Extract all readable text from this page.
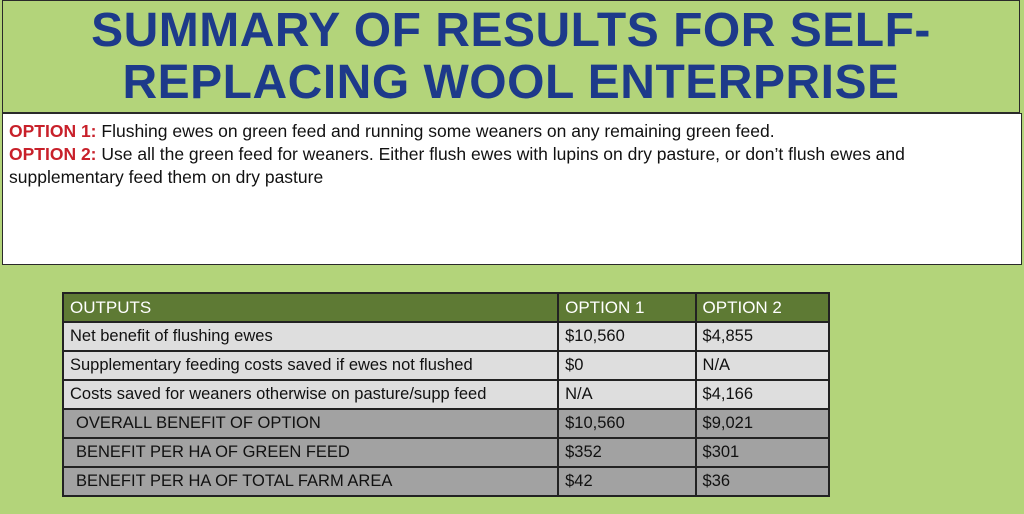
SUMMARY OF RESULTS FOR SELF-
REPLACING WOOL ENTERPRISE
OPTION 1: Flushing ewes on green feed and running some weaners on any remaining green feed.
OPTION 2: Use all the green feed for weaners. Either flush ewes with lupins on dry pasture, or don’t flush ewes and supplementary feed them on dry pasture
OUTPUTS	OPTION 1	OPTION 2
Net benefit of flushing ewes	$10,560	$4,855
Supplementary feeding costs saved if ewes not flushed	$0	N/A
Costs saved for weaners otherwise on pasture/supp feed	N/A	$4,166
OVERALL BENEFIT OF OPTION	$10,560	$9,021
BENEFIT PER HA OF GREEN FEED	$352	$301
BENEFIT PER HA OF TOTAL FARM AREA	$42	$36
